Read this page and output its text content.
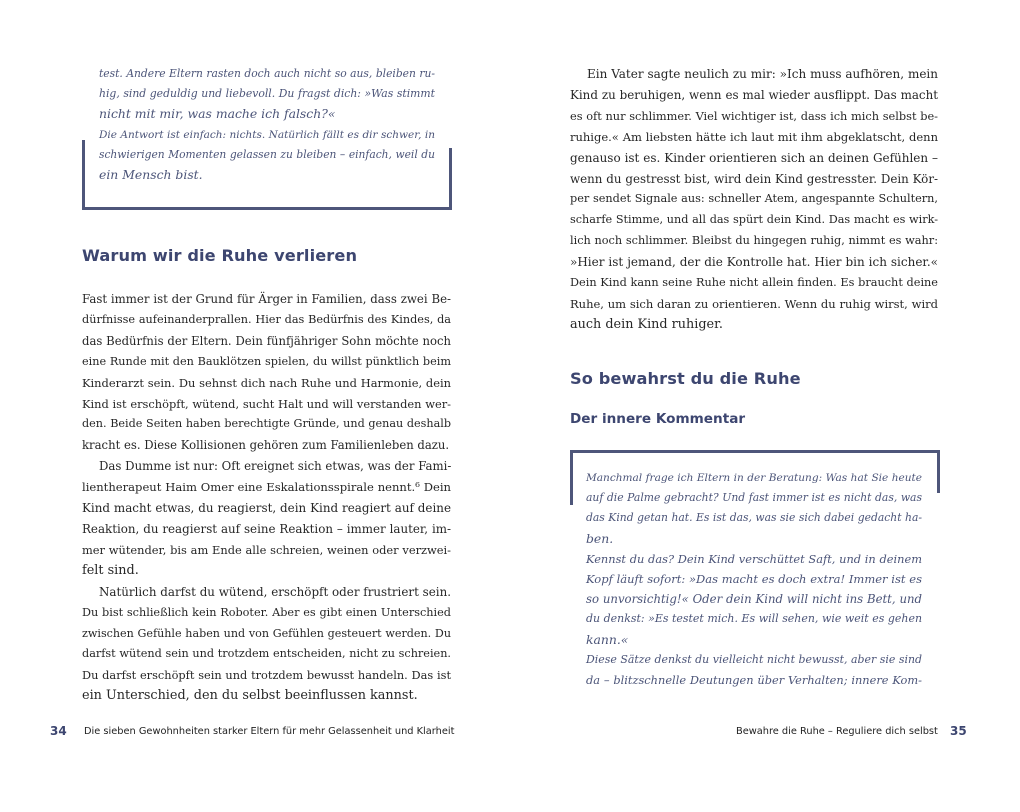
test. Andere Eltern rasten doch auch nicht so aus, bleiben ru-
hig, sind geduldig und liebevoll. Du fragst dich: »Was stimmt
nicht mit mir, was mache ich falsch?«
Die Antwort ist einfach: nichts. Natürlich fällt es dir schwer, in
schwierigen Momenten gelassen zu bleiben – einfach, weil du
ein Mensch bist.
Warum wir die Ruhe verlieren
Fast immer ist der Grund für Ärger in Familien, dass zwei Be-
dürfnisse aufeinanderprallen. Hier das Bedürfnis des Kindes, da
das Bedürfnis der Eltern. Dein fünfjähriger Sohn möchte noch
eine Runde mit den Bauklötzen spielen, du willst pünktlich beim
Kinderarzt sein. Du sehnst dich nach Ruhe und Harmonie, dein
Kind ist erschöpft, wütend, sucht Halt und will verstanden wer-
den. Beide Seiten haben berechtigte Gründe, und genau deshalb
kracht es. Diese Kollisionen gehören zum Familienleben dazu.
Das Dumme ist nur: Oft ereignet sich etwas, was der Fami-
lientherapeut Haim Omer eine Eskalationsspirale nennt.⁶ Dein
Kind macht etwas, du reagierst, dein Kind reagiert auf deine
Reaktion, du reagierst auf seine Reaktion – immer lauter, im-
mer wütender, bis am Ende alle schreien, weinen oder verzwei-
felt sind.
Natürlich darfst du wütend, erschöpft oder frustriert sein.
Du bist schließlich kein Roboter. Aber es gibt einen Unterschied
zwischen Gefühle haben und von Gefühlen gesteuert werden. Du
darfst wütend sein und trotzdem entscheiden, nicht zu schreien.
Du darfst erschöpft sein und trotzdem bewusst handeln. Das ist
ein Unterschied, den du selbst beeinflussen kannst.
34 Die sieben Gewohnheiten starker Eltern für mehr Gelassenheit und Klarheit
Ein Vater sagte neulich zu mir: »Ich muss aufhören, mein
Kind zu beruhigen, wenn es mal wieder ausflippt. Das macht
es oft nur schlimmer. Viel wichtiger ist, dass ich mich selbst be-
ruhige.« Am liebsten hätte ich laut mit ihm abgeklatscht, denn
genauso ist es. Kinder orientieren sich an deinen Gefühlen –
wenn du gestresst bist, wird dein Kind gestresster. Dein Kör-
per sendet Signale aus: schneller Atem, angespannte Schultern,
scharfe Stimme, und all das spürt dein Kind. Das macht es wirk-
lich noch schlimmer. Bleibst du hingegen ruhig, nimmt es wahr:
»Hier ist jemand, der die Kontrolle hat. Hier bin ich sicher.«
Dein Kind kann seine Ruhe nicht allein finden. Es braucht deine
Ruhe, um sich daran zu orientieren. Wenn du ruhig wirst, wird
auch dein Kind ruhiger.
So bewahrst du die Ruhe
Der innere Kommentar
Manchmal frage ich Eltern in der Beratung: Was hat Sie heute
auf die Palme gebracht? Und fast immer ist es nicht das, was
das Kind getan hat. Es ist das, was sie sich dabei gedacht ha-
ben.
Kennst du das? Dein Kind verschüttet Saft, und in deinem
Kopf läuft sofort: »Das macht es doch extra! Immer ist es
so unvorsichtig!« Oder dein Kind will nicht ins Bett, und
du denkst: »Es testet mich. Es will sehen, wie weit es gehen
kann.«
Diese Sätze denkst du vielleicht nicht bewusst, aber sie sind
da – blitzschnelle Deutungen über Verhalten; innere Kom-
Bewahre die Ruhe – Reguliere dich selbst 35
